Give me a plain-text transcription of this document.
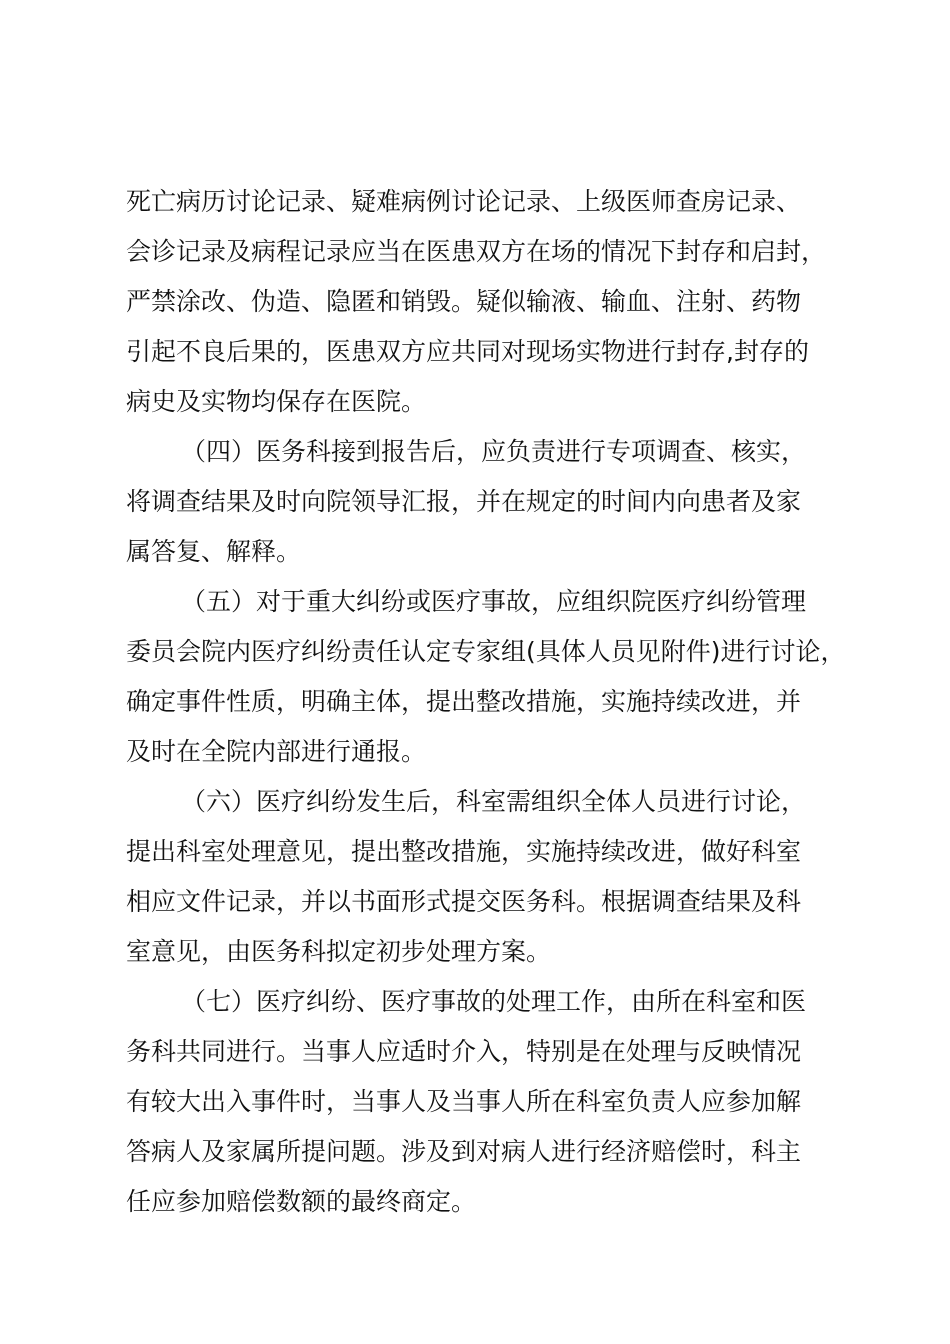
死亡病历讨论记录、疑难病例讨论记录、上级医师查房记录、
会诊记录及病程记录应当在医患双方在场的情况下封存和启封，
严禁涂改、伪造、隐匿和销毁。疑似输液、输血、注射、药物
引起不良后果的，医患双方应共同对现场实物进行封存,封存的
病史及实物均保存在医院。
（四）医务科接到报告后，应负责进行专项调查、核实，
将调查结果及时向院领导汇报，并在规定的时间内向患者及家
属答复、解释。
（五）对于重大纠纷或医疗事故，应组织院医疗纠纷管理
委员会院内医疗纠纷责任认定专家组(具体人员见附件)进行讨论，
确定事件性质，明确主体，提出整改措施，实施持续改进，并
及时在全院内部进行通报。
（六）医疗纠纷发生后，科室需组织全体人员进行讨论，
提出科室处理意见，提出整改措施，实施持续改进，做好科室
相应文件记录，并以书面形式提交医务科。根据调查结果及科
室意见，由医务科拟定初步处理方案。
（七）医疗纠纷、医疗事故的处理工作，由所在科室和医
务科共同进行。当事人应适时介入，特别是在处理与反映情况
有较大出入事件时，当事人及当事人所在科室负责人应参加解
答病人及家属所提问题。涉及到对病人进行经济赔偿时，科主
任应参加赔偿数额的最终商定。
